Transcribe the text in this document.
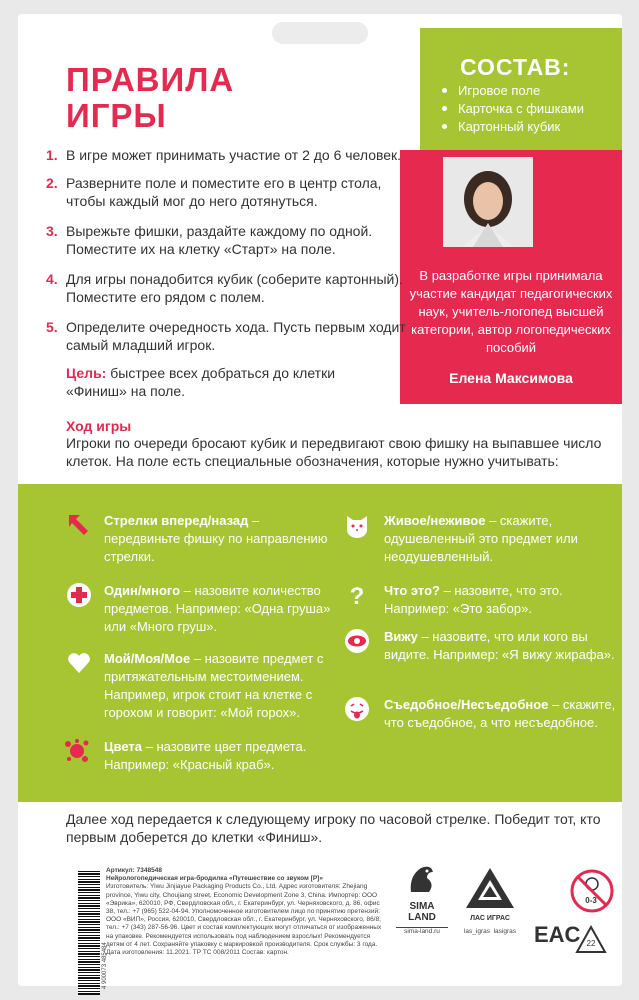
ПРАВИЛА
ИГРЫ
СОСТАВ:
Игровое поле
Карточка с фишками
Картонный кубик
В разработке игры принимала участие кандидат педагогических наук, учитель-логопед высшей категории, автор логопедических пособий
Елена Максимова
1. В игре может принимать участие от 2 до 6 человек.
2. Разверните поле и поместите его в центр стола, чтобы каждый мог до него дотянуться.
3. Вырежьте фишки, раздайте каждому по одной. Поместите их на клетку «Старт» на поле.
4. Для игры понадобится кубик (соберите картонный). Поместите его рядом с полем.
5. Определите очередность хода. Пусть первым ходит самый младший игрок.
Цель: быстрее всех добраться до клетки «Финиш» на поле.
Ход игры
Игроки по очереди бросают кубик и передвигают свою фишку на выпавшее число клеток. На поле есть специальные обозначения, которые нужно учитывать:
Стрелки вперед/назад – передвиньте фишку по направлению стрелки.
Один/много – назовите количество предметов. Например: «Одна груша» или «Много груш».
Мой/Моя/Мое – назовите предмет с притяжательным местоимением. Например, игрок стоит на клетке с горохом и говорит: «Мой горох».
Цвета – назовите цвет предмета. Например: «Красный краб».
Живое/неживое – скажите, одушевленный это предмет или неодушевленный.
? Что это? – назовите, что это. Например: «Это забор».
Вижу – назовите, что или кого вы видите. Например: «Я вижу жирафа».
Съедобное/Несъедобное – скажите, что съедобное, а что несъедобное.
Далее ход передается к следующему игроку по часовой стрелке. Победит тот, кто первым доберется до клетки «Финиш».
4 900073 485484
Артикул: 7348548
Нейрологопедическая игра-бродилка «Путешествие со звуком [Р]»
Изготовитель: Yiwu Jinjiayue Packaging Products Co., Ltd. Адрес изготовителя: Zhejiang province, Yiwu city, Choujiang street, Economic Development Zone 3, China. Импортер: ООО «Эврика», 620010, РФ, Свердловская обл., г. Екатеринбург, ул. Черняховского, д. 86, офис 38, тел.: +7 (965) 522-04-94. Уполномоченное изготовителем лицо по принятию претензий: ООО «ВИП», Россия, 620010, Свердловская обл., г. Екатеринбург, ул. Черняховского, 86/8, тел.: +7 (343) 287-56-96. Цвет и состав комплектующих могут отличаться от изображенных на упаковке. Рекомендуется использовать под наблюдением взрослых! Рекомендуется детям от 4 лет. Сохраняйте упаковку с маркировкой производителя. Срок службы: 3 года. Дата изготовления: 11.2021. ТР ТС 008/2011 Состав: картон.
SIMA
LAND
sima-land.ru
ЛАС ИГРАС
las_igras lasigras EAC
0-3
22
